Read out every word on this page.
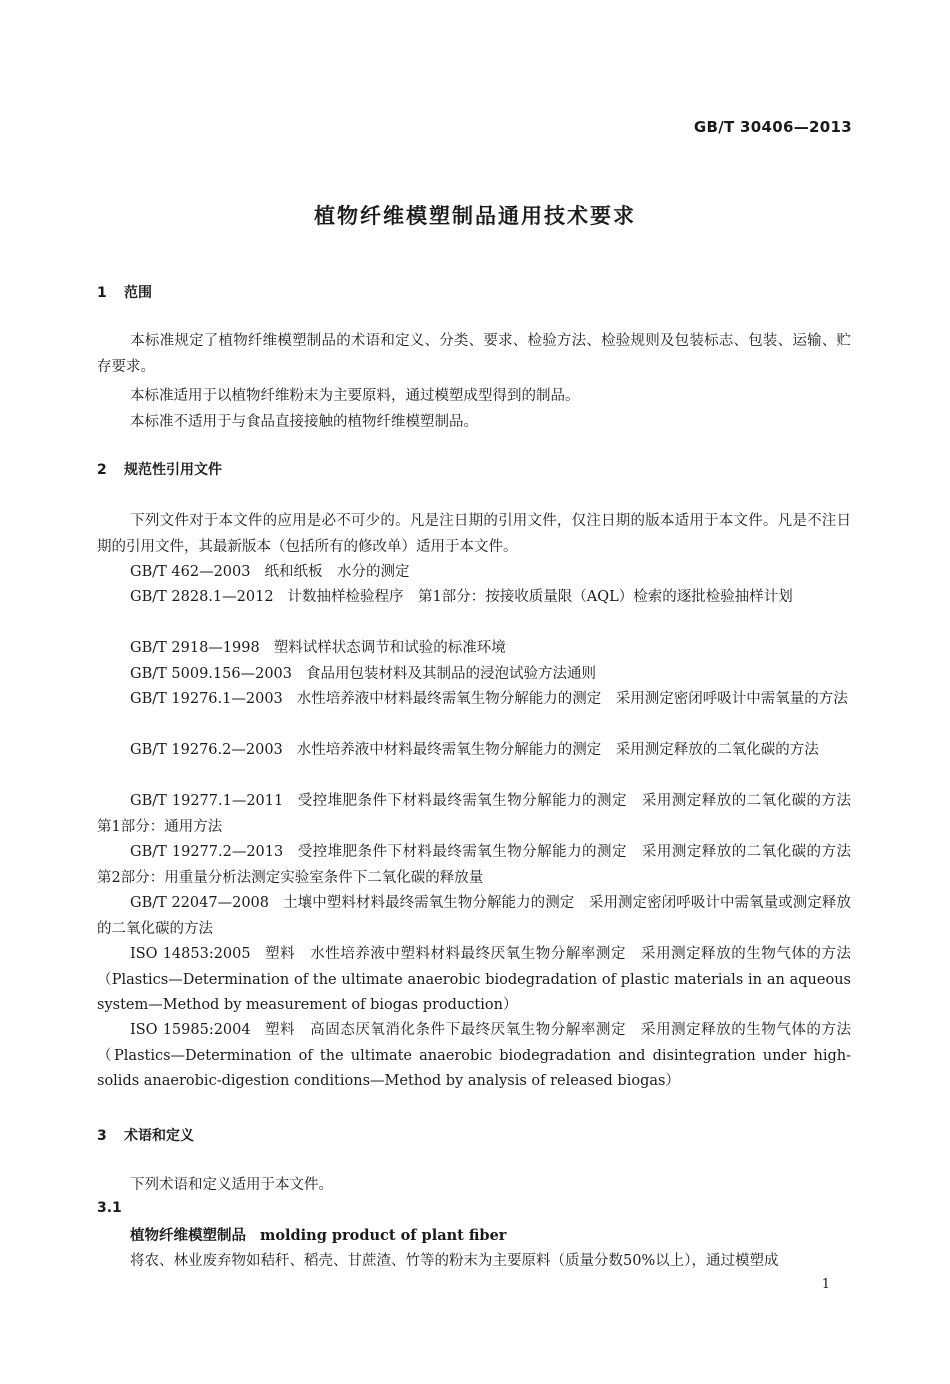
GB/T 30406—2013
植物纤维模塑制品通用技术要求
1 范围
本标准规定了植物纤维模塑制品的术语和定义、分类、要求、检验方法、检验规则及包装标志、包装、运输、贮存要求。
本标准适用于以植物纤维粉末为主要原料，通过模塑成型得到的制品。
本标准不适用于与食品直接接触的植物纤维模塑制品。
2 规范性引用文件
下列文件对于本文件的应用是必不可少的。凡是注日期的引用文件，仅注日期的版本适用于本文件。凡是不注日期的引用文件，其最新版本（包括所有的修改单）适用于本文件。
GB/T 462—2003 纸和纸板　水分的测定
GB/T 2828.1—2012 计数抽样检验程序　第1部分：按接收质量限（AQL）检索的逐批检验抽样计划
GB/T 2918—1998 塑料试样状态调节和试验的标准环境
GB/T 5009.156—2003 食品用包装材料及其制品的浸泡试验方法通则
GB/T 19276.1—2003 水性培养液中材料最终需氧生物分解能力的测定　采用测定密闭呼吸计中需氧量的方法
GB/T 19276.2—2003 水性培养液中材料最终需氧生物分解能力的测定　采用测定释放的二氧化碳的方法
GB/T 19277.1—2011 受控堆肥条件下材料最终需氧生物分解能力的测定　采用测定释放的二氧化碳的方法　第1部分：通用方法
GB/T 19277.2—2013 受控堆肥条件下材料最终需氧生物分解能力的测定　采用测定释放的二氧化碳的方法　第2部分：用重量分析法测定实验室条件下二氧化碳的释放量
GB/T 22047—2008 土壤中塑料材料最终需氧生物分解能力的测定　采用测定密闭呼吸计中需氧量或测定释放的二氧化碳的方法
ISO 14853:2005 塑料　水性培养液中塑料材料最终厌氧生物分解率测定　采用测定释放的生物气体的方法（Plastics—Determination of the ultimate anaerobic biodegradation of plastic materials in an aqueous system—Method by measurement of biogas production）
ISO 15985:2004 塑料　高固态厌氧消化条件下最终厌氧生物分解率测定　采用测定释放的生物气体的方法（Plastics—Determination of the ultimate anaerobic biodegradation and disintegration under high-solids anaerobic-digestion conditions—Method by analysis of released biogas）
3 术语和定义
下列术语和定义适用于本文件。
3.1
植物纤维模塑制品 molding product of plant fiber
将农、林业废弃物如秸秆、稻壳、甘蔗渣、竹等的粉末为主要原料（质量分数50%以上），通过模塑成
1
